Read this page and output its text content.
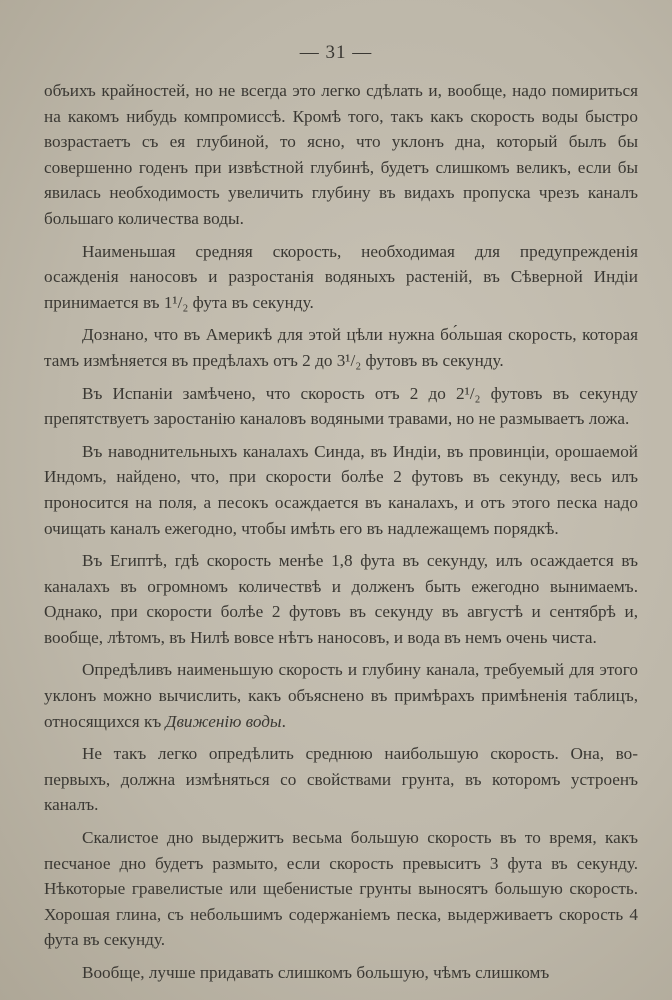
— 31 —

объихъ крайностей, но не всегда это легко сдѣлать и, вообще, надо помириться на какомъ нибудь компромиссѣ. Кромѣ того, такъ какъ скорость воды быстро возрастаетъ съ ея глубиной, то ясно, что уклонъ дна, который былъ бы совершенно годенъ при извѣстной глубинѣ, будетъ слишкомъ великъ, если бы явилась необходимость увеличить глубину въ видахъ пропуска чрезъ каналъ большаго количества воды.

Наименьшая средняя скорость, необходимая для предупрежденія осажденія наносовъ и разростанія водяныхъ растеній, въ Сѣверной Индіи принимается въ 1¹/₂ фута въ секунду.

Дознано, что въ Америкѣ для этой цѣли нужна бо́льшая скорость, которая тамъ измѣняется въ предѣлахъ отъ 2 до 3¹/₂ футовъ въ секунду.

Въ Испаніи замѣчено, что скорость отъ 2 до 2¹/₂ футовъ въ секунду препятствуетъ заростанію каналовъ водяными травами, но не размываетъ ложа.

Въ наводнительныхъ каналахъ Синда, въ Индіи, въ провинціи, орошаемой Индомъ, найдено, что, при скорости болѣе 2 футовъ въ секунду, весь илъ проносится на поля, а песокъ осаждается въ каналахъ, и отъ этого песка надо очищать каналъ ежегодно, чтобы имѣть его въ надлежащемъ порядкѣ.

Въ Египтѣ, гдѣ скорость менѣе 1,8 фута въ секунду, илъ осаждается въ каналахъ въ огромномъ количествѣ и долженъ быть ежегодно вынимаемъ. Однако, при скорости болѣе 2 футовъ въ секунду въ августѣ и сентябрѣ и, вообще, лѣтомъ, въ Нилѣ вовсе нѣтъ наносовъ, и вода въ немъ очень чиста.

Опредѣливъ наименьшую скорость и глубину канала, требуемый для этого уклонъ можно вычислить, какъ объяснено въ примѣрахъ примѣненія таблицъ, относящихся къ Движенію воды.

Не такъ легко опредѣлить среднюю наибольшую скорость. Она, во-первыхъ, должна измѣняться со свойствами грунта, въ которомъ устроенъ каналъ.

Скалистое дно выдержитъ весьма большую скорость въ то время, какъ песчаное дно будетъ размыто, если скорость превыситъ 3 фута въ секунду. Нѣкоторые гравелистые или щебенистые грунты выносятъ большую скорость. Хорошая глина, съ небольшимъ содержаніемъ песка, выдерживаетъ скорость 4 фута въ секунду.

Вообще, лучше придавать слишкомъ большую, чѣмъ слишкомъ
